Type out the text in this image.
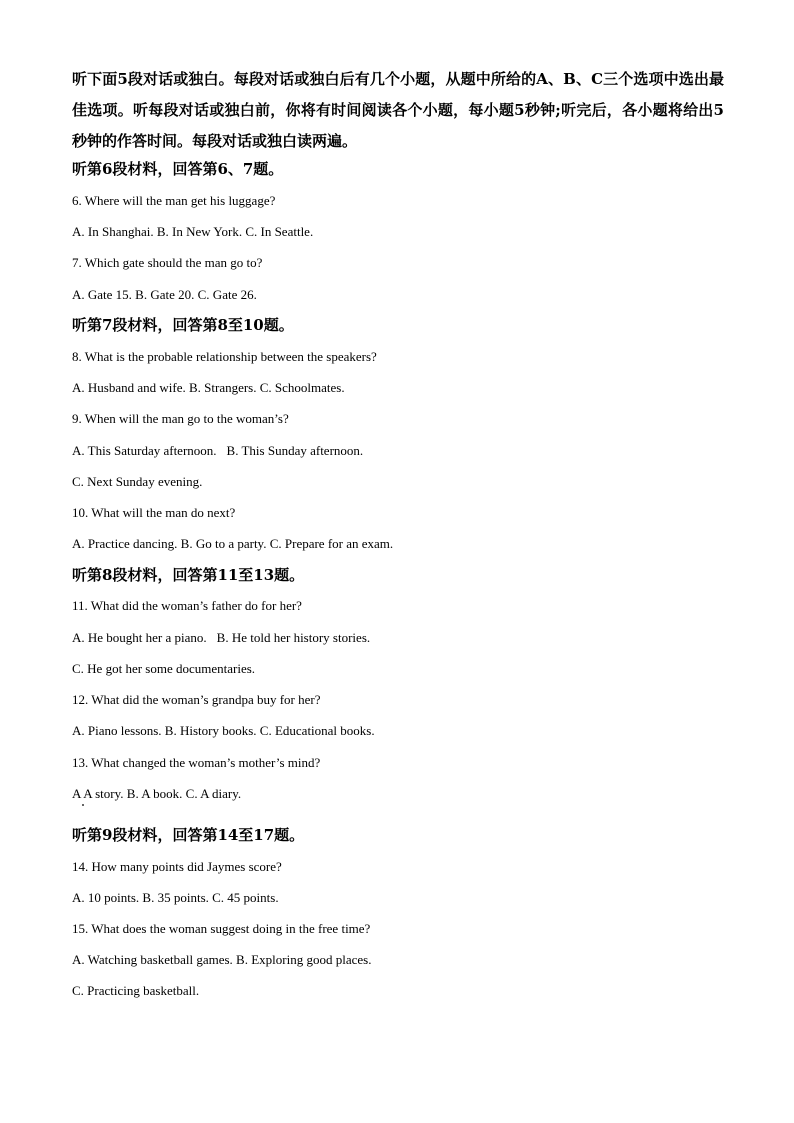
听下面5段对话或独白。每段对话或独白后有几个小题，从题中所给的A、B、C三个选项中选出最佳选项。听每段对话或独白前，你将有时间阅读各个小题，每小题5秒钟;听完后，各小题将给出5秒钟的作答时间。每段对话或独白读两遍。
听第6段材料，回答第6、7题。
6. Where will the man get his luggage?
A. In Shanghai. B. In New York. C. In Seattle.
7. Which gate should the man go to?
A. Gate 15. B. Gate 20. C. Gate 26.
听第7段材料，回答第8至10题。
8. What is the probable relationship between the speakers?
A. Husband and wife. B. Strangers. C. Schoolmates.
9. When will the man go to the woman’s?
A. This Saturday afternoon. B. This Sunday afternoon.
C. Next Sunday evening.
10. What will the man do next?
A. Practice dancing. B. Go to a party. C. Prepare for an exam.
听第8段材料，回答第11至13题。
11. What did the woman’s father do for her?
A. He bought her a piano. B. He told her history stories.
C. He got her some documentaries.
12. What did the woman’s grandpa buy for her?
A. Piano lessons. B. History books. C. Educational books.
13. What changed the woman’s mother’s mind?
A A story. B. A book. C. A diary.
听第9段材料，回答第14至17题。
14. How many points did Jaymes score?
A. 10 points. B. 35 points. C. 45 points.
15. What does the woman suggest doing in the free time?
A. Watching basketball games. B. Exploring good places.
C. Practicing basketball.
